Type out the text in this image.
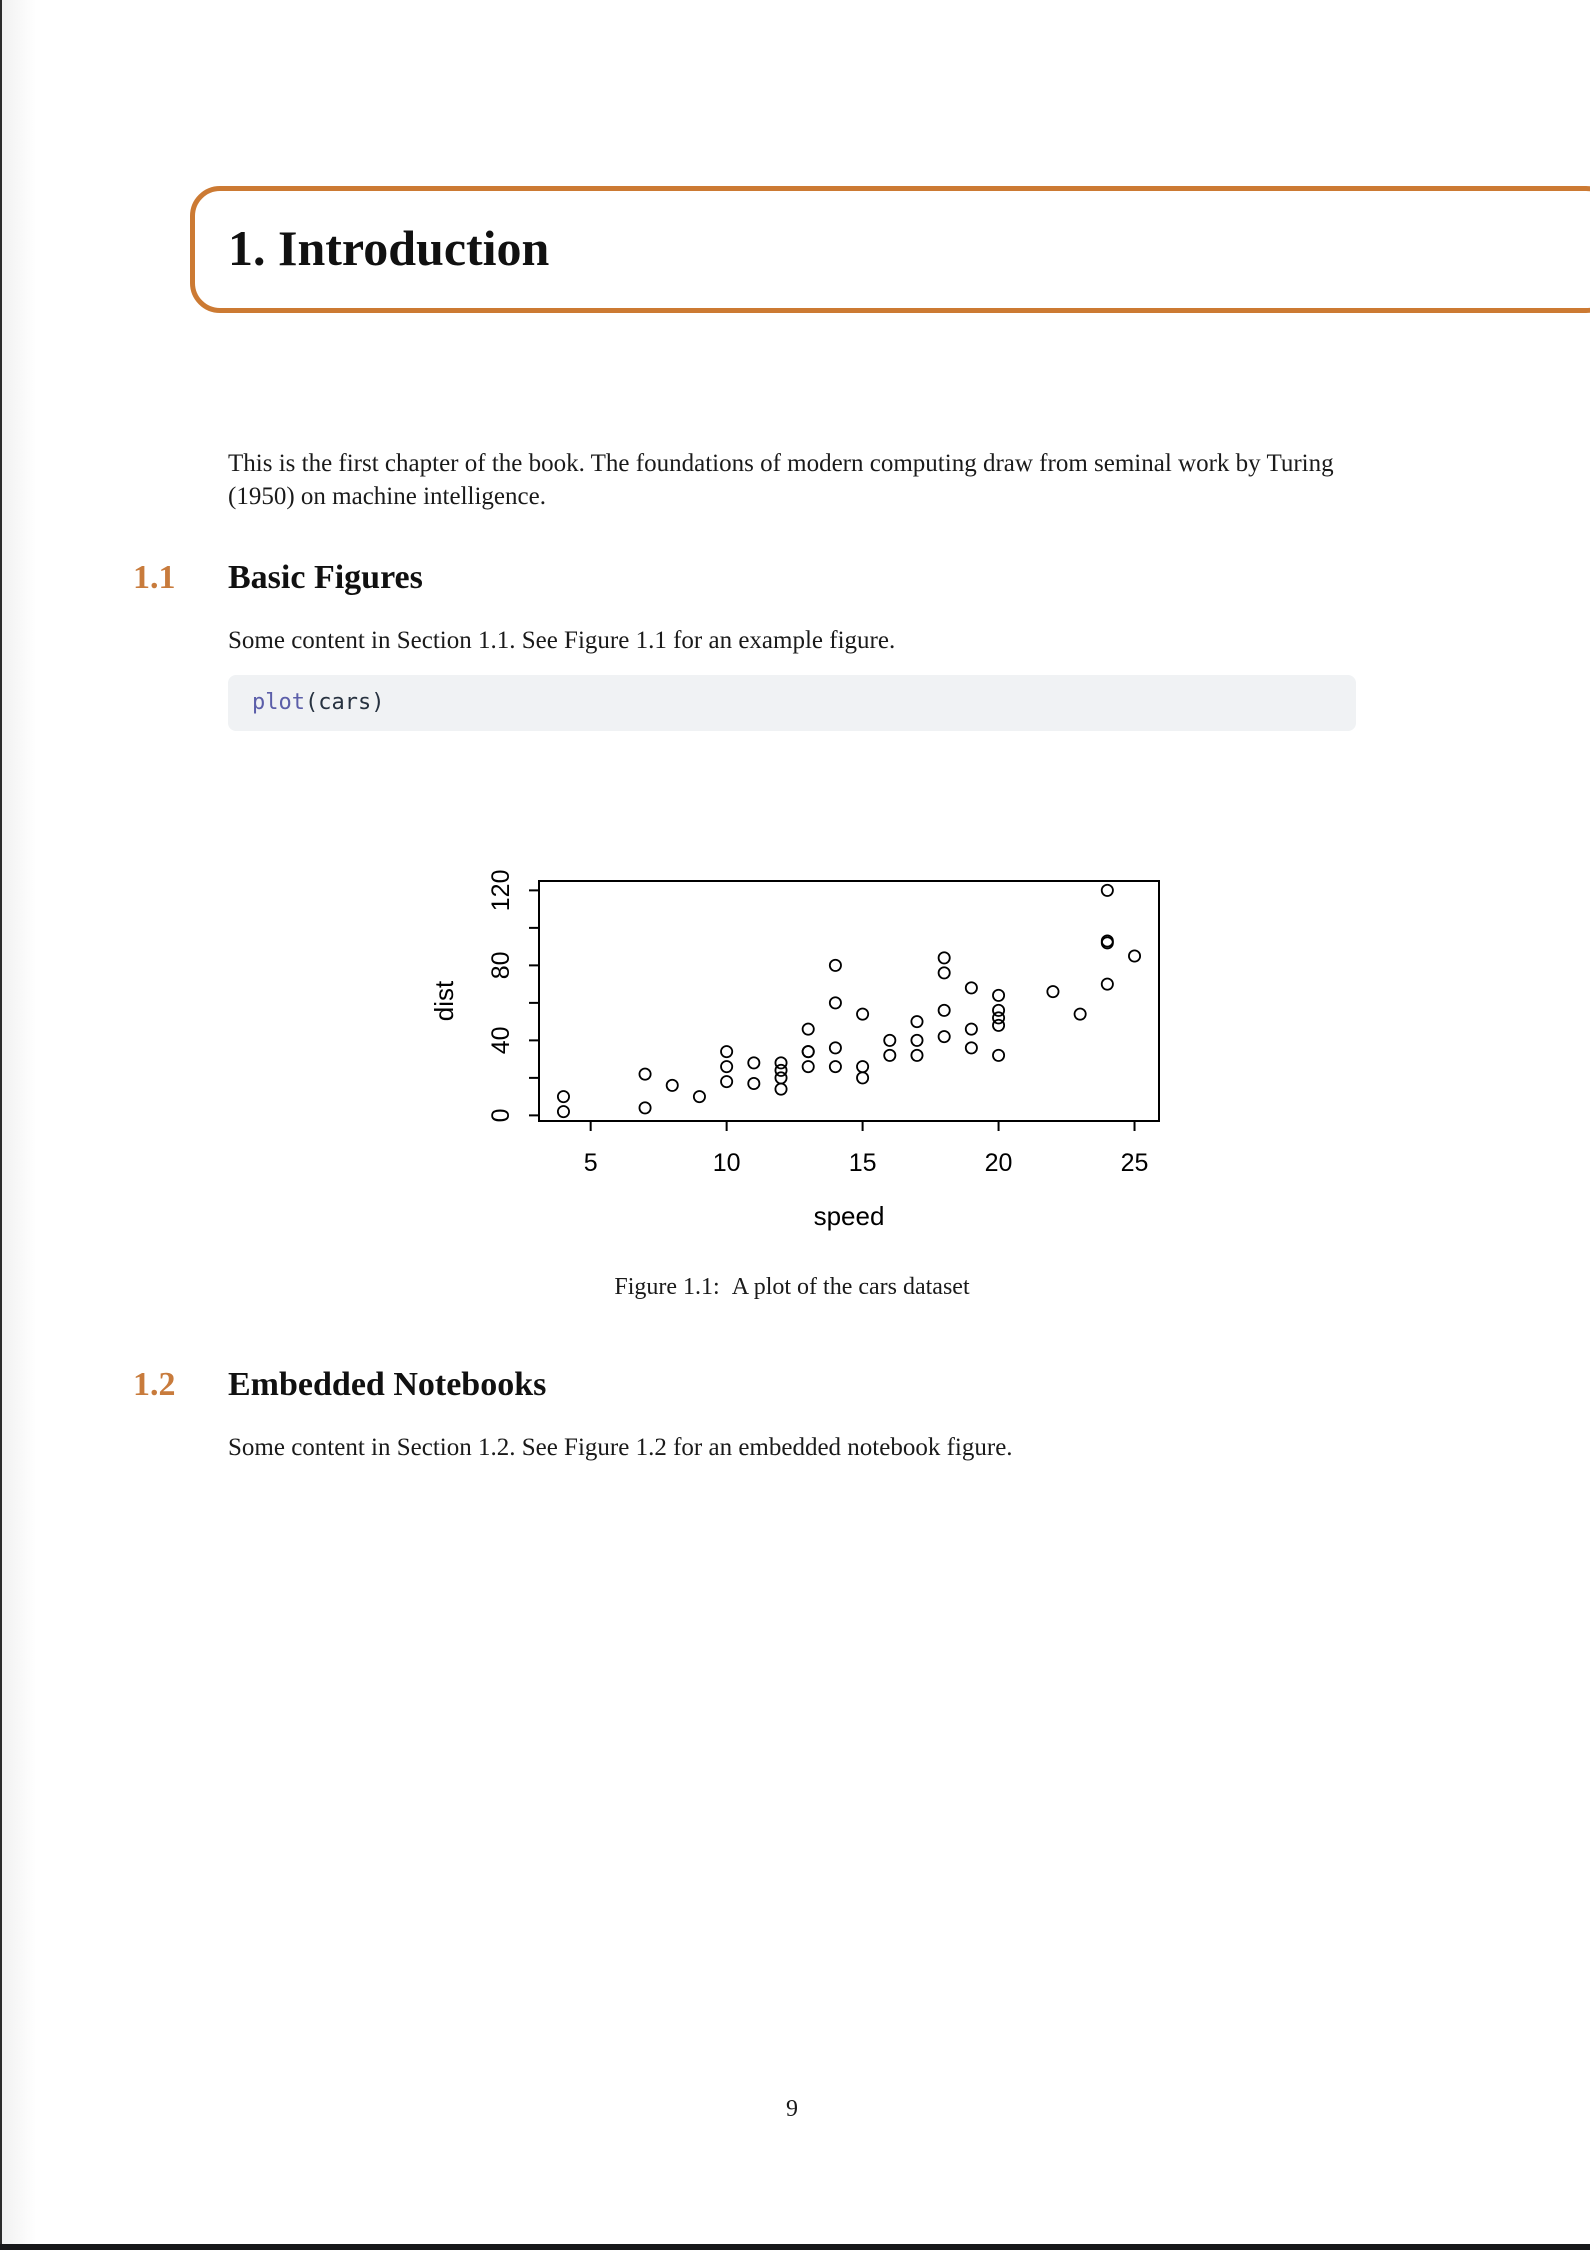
1. Introduction

This is the first chapter of the book. The foundations of modern computing draw from seminal work by Turing (1950) on machine intelligence.

1.1 Basic Figures

Some content in Section 1.1. See Figure 1.1 for an example figure.

plot(cars)
5	10	15	20	25
speed
0
40
80
120
dist
Figure 1.1: A plot of the cars dataset
1.2 Embedded Notebooks

Some content in Section 1.2. See Figure 1.2 for an embedded notebook figure.

9
